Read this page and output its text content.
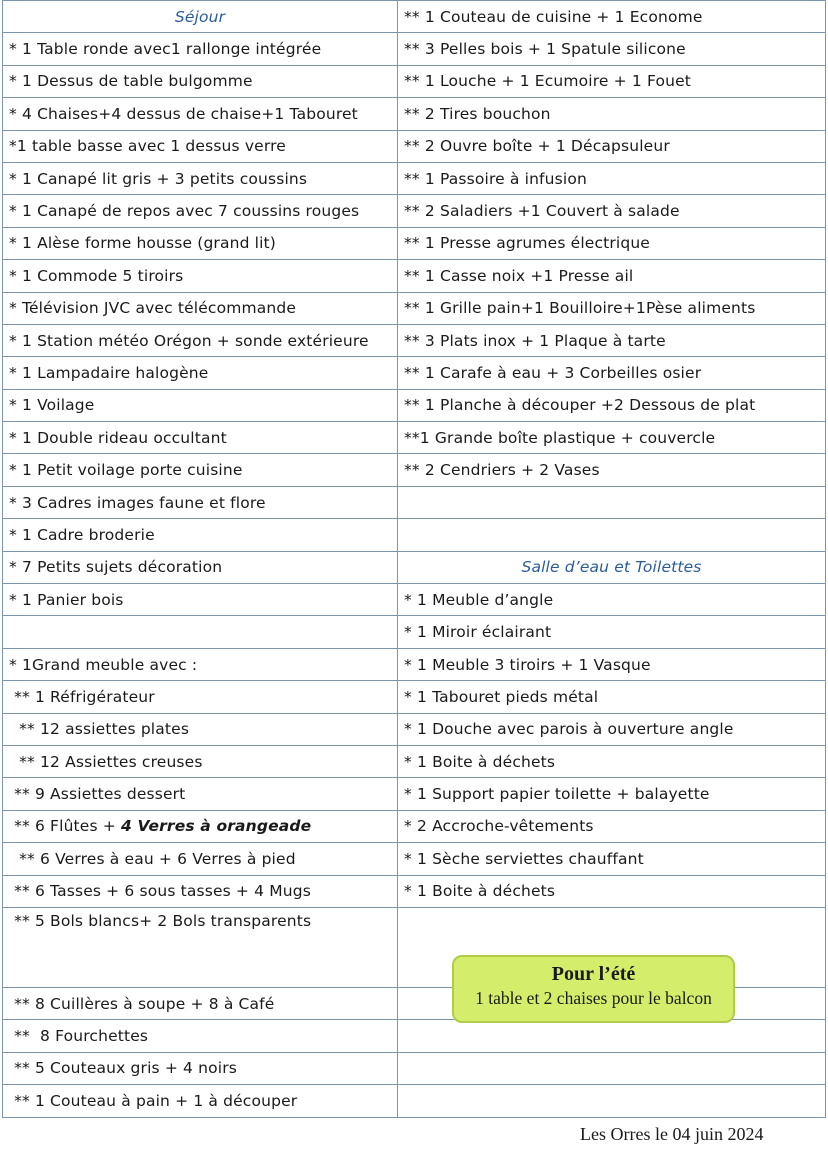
Séjour	** 1 Couteau de cuisine + 1 Econome
* 1 Table ronde avec1 rallonge intégrée	** 3 Pelles bois + 1 Spatule silicone
* 1 Dessus de table bulgomme	** 1 Louche + 1 Ecumoire + 1 Fouet
* 4 Chaises+4 dessus de chaise+1 Tabouret	** 2 Tires bouchon
*1 table basse avec 1 dessus verre	** 2 Ouvre boîte + 1 Décapsuleur
* 1 Canapé lit gris + 3 petits coussins	** 1 Passoire à infusion
* 1 Canapé de repos avec 7 coussins rouges	** 2 Saladiers +1 Couvert à salade
* 1 Alèse forme housse (grand lit)	** 1 Presse agrumes électrique
* 1 Commode 5 tiroirs	** 1 Casse noix +1 Presse ail
* Télévision JVC avec télécommande	** 1 Grille pain+1 Bouilloire+1Pèse aliments
* 1 Station météo Orégon + sonde extérieure	** 3 Plats inox + 1 Plaque à tarte
* 1 Lampadaire halogène	** 1 Carafe à eau + 3 Corbeilles osier
* 1 Voilage	** 1 Planche à découper +2 Dessous de plat
* 1 Double rideau occultant	**1 Grande boîte plastique + couvercle
* 1 Petit voilage porte cuisine	** 2 Cendriers + 2 Vases
* 3 Cadres images faune et flore	
* 1 Cadre broderie	
* 7 Petits sujets décoration	Salle d’eau et Toilettes
* 1 Panier bois	* 1 Meuble d’angle
	* 1 Miroir éclairant
* 1Grand meuble avec :	* 1 Meuble 3 tiroirs + 1 Vasque
** 1 Réfrigérateur	* 1 Tabouret pieds métal
** 12 assiettes plates	* 1 Douche avec parois à ouverture angle
** 12 Assiettes creuses	* 1 Boite à déchets
** 9 Assiettes dessert	* 1 Support papier toilette + balayette
** 6 Flûtes + 4 Verres à orangeade	* 2 Accroche-vêtements
** 6 Verres à eau + 6 Verres à pied	* 1 Sèche serviettes chauffant
** 6 Tasses + 6 sous tasses + 4 Mugs	* 1 Boite à déchets
** 5 Bols blancs+ 2 Bols transparents	
** 8 Cuillères à soupe + 8 à Café	
**  8 Fourchettes	
** 5 Couteaux gris + 4 noirs	
** 1 Couteau à pain + 1 à découper	
Pour l’été
1 table et 2 chaises pour le balcon
Les Orres le 04 juin 2024
